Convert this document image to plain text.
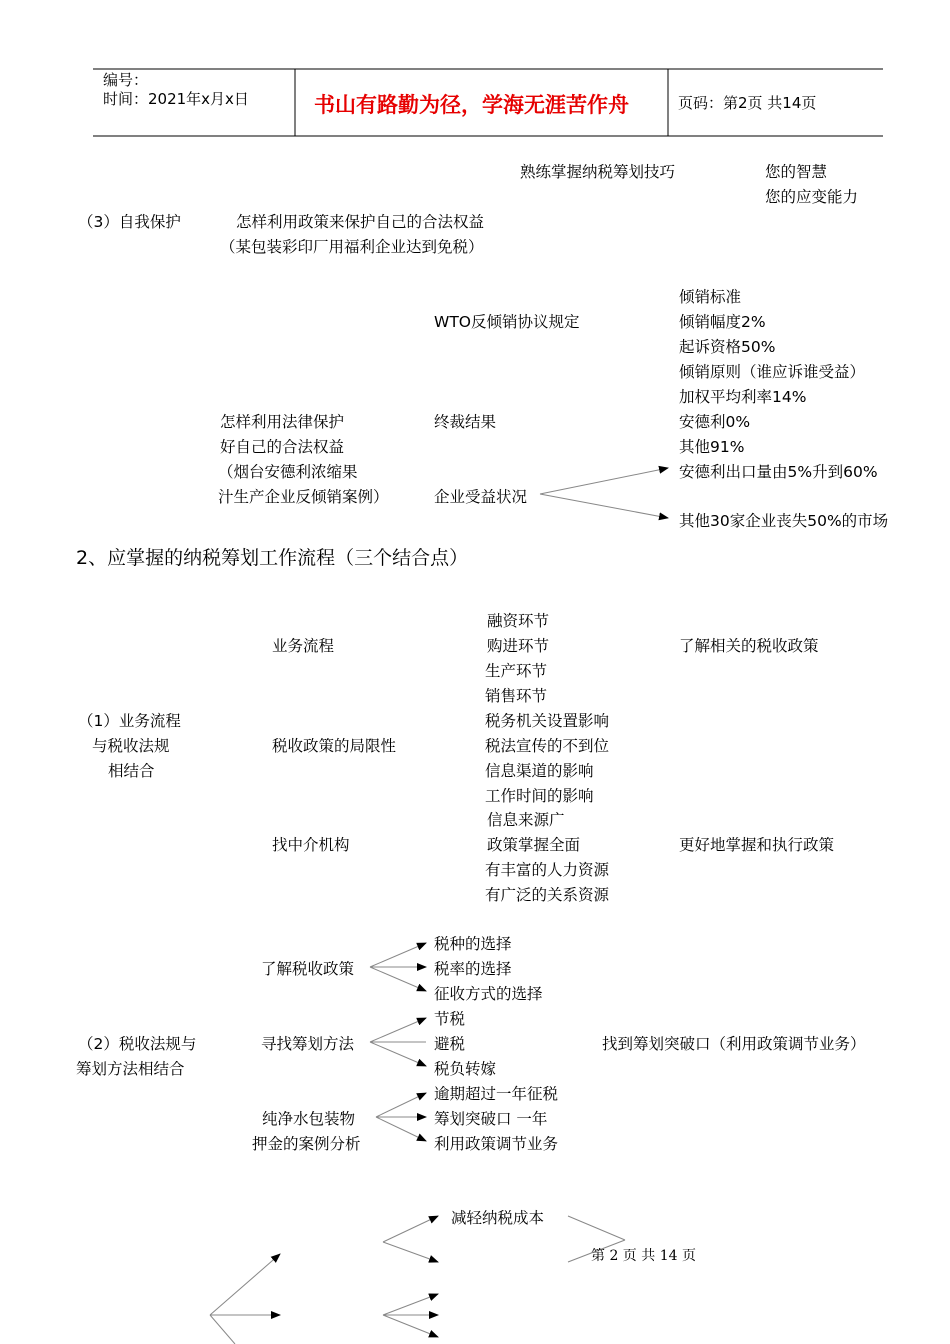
编号：
时间：2021年x月x日	书山有路勤为径，学海无涯苦作舟	页码：第2页 共14页
熟练掌握纳税筹划技巧	您的智慧
您的应变能力
（3）自我保护	怎样利用政策来保护自己的合法权益
（某包装彩印厂用福利企业达到免税）
倾销标准
WTO反倾销协议规定	倾销幅度2%
起诉资格50%
倾销原则（谁应诉谁受益）
加权平均利率14%
怎样利用法律保护	终裁结果	安德利0%
好自己的合法权益	其他91%
（烟台安德利浓缩果	安德利出口量由5%升到60%
汁生产企业反倾销案例）	企业受益状况
其他30家企业丧失50%的市场
2、应掌握的纳税筹划工作流程（三个结合点）
融资环节
业务流程	购进环节	了解相关的税收政策
生产环节
销售环节
（1）业务流程	税务机关设置影响
与税收法规	税收政策的局限性	税法宣传的不到位
相结合	信息渠道的影响
工作时间的影响
信息来源广
找中介机构	政策掌握全面	更好地掌握和执行政策
有丰富的人力资源
有广泛的关系资源
税种的选择
了解税收政策	税率的选择
征收方式的选择
节税
（2）税收法规与	寻找筹划方法	避税	找到筹划突破口（利用政策调节业务）
筹划方法相结合	税负转嫁
逾期超过一年征税
纯净水包装物	筹划突破口 一年
押金的案例分析	利用政策调节业务
减轻纳税成本
第 2 页 共 14 页
